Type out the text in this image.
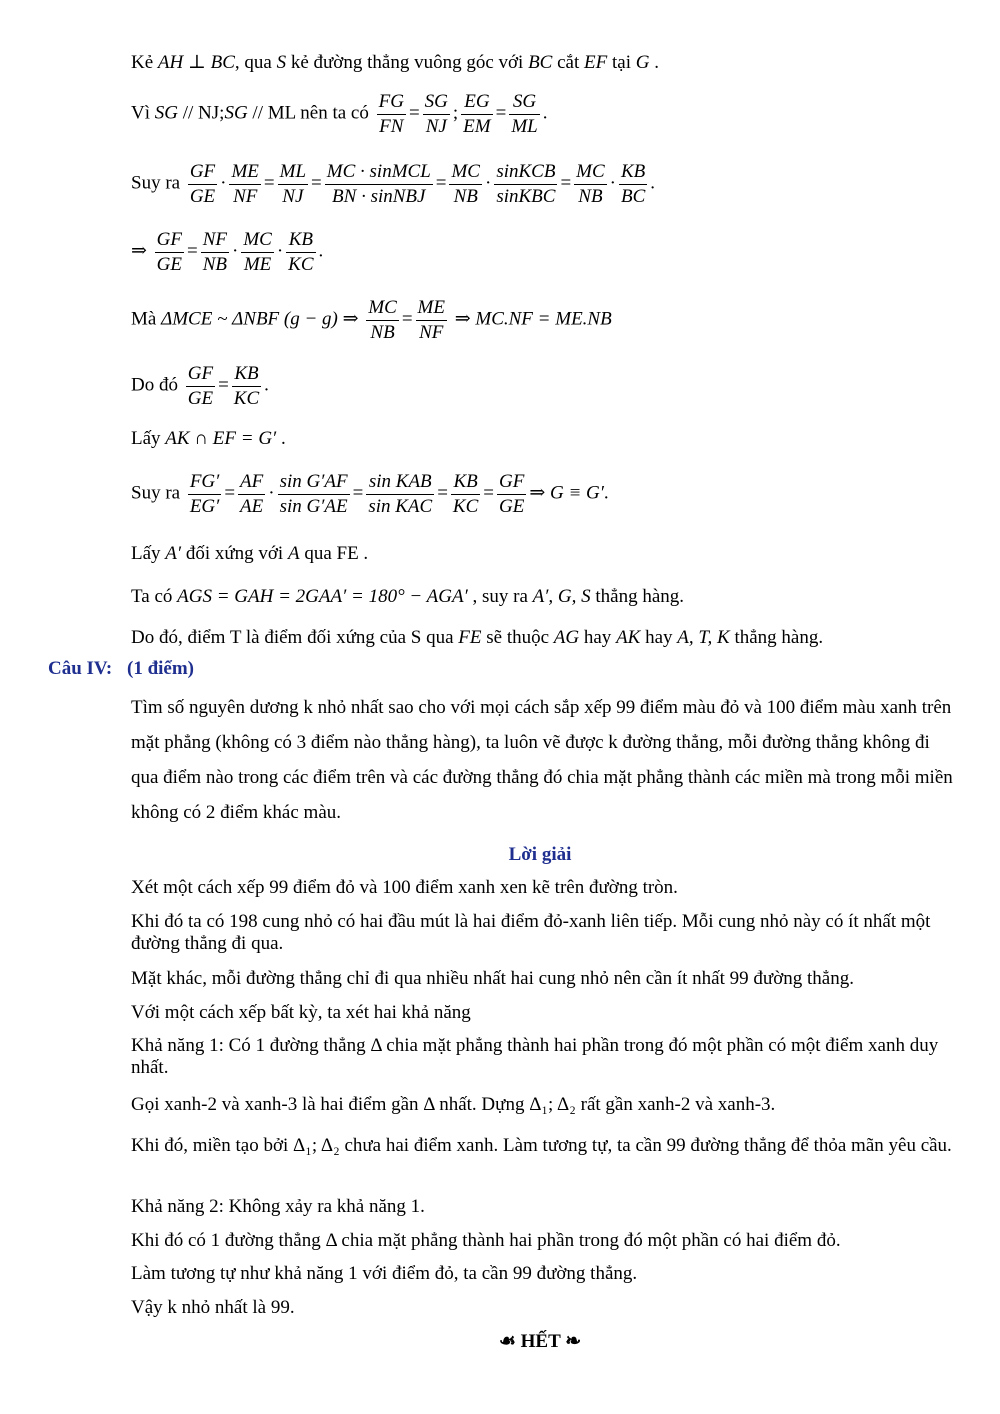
Kẻ AH ⊥ BC, qua S kẻ đường thẳng vuông góc với BC cắt EF tại G .
Vì SG // NJ;SG // ML nên ta có $\frac{FG}{FN} = \frac{SG}{NJ}$ ; $\frac{EG}{EM} = \frac{SG}{ML}$ .
Suy ra $\frac{GF}{GE} \cdot \frac{ME}{NF} = \frac{ML}{NJ} = \frac{\text{MC · sinMCL}}{\text{BN · sinNBJ}} = \frac{MC}{NB} \cdot \frac{\text{sinKCB}}{\text{sinKBC}} = \frac{MC}{NB} \cdot \frac{KB}{BC}$ .
⇒ $\frac{GF}{GE} = \frac{NF}{NB} \cdot \frac{MC}{ME} \cdot \frac{KB}{KC}$ .
Mà ΔMCE ~ ΔNBF (g − g) ⇒ $\frac{MC}{NB} = \frac{ME}{NF}$ ⇒ MC.NF = ME.NB
Do đó $\frac{GF}{GE} = \frac{KB}{KC}$ .
Lấy AK ∩ EF = G′ .
Suy ra $\frac{FG'}{EG'} = \frac{AF}{AE} \cdot \frac{\text{sin G′AF}}{\text{sin G′AE}} = \frac{\text{sin KAB}}{\text{sin KAC}} = \frac{KB}{KC} = \frac{GF}{GE}$ ⇒ G ≡ G′.
Lấy A′ đối xứng với A qua FE .
Ta có AGS = GAH = 2GAA′ = 180° − AGA′ , suy ra A′, G, S thẳng hàng.
Do đó, điểm T là điểm đối xứng của S qua FE sẽ thuộc AG hay AK hay A, T, K thẳng hàng.
Câu IV: (1 điểm)
Tìm số nguyên dương k nhỏ nhất sao cho với mọi cách sắp xếp 99 điểm màu đỏ và 100 điểm màu xanh trên mặt phẳng (không có 3 điểm nào thẳng hàng), ta luôn vẽ được k đường thẳng, mỗi đường thẳng không đi qua điểm nào trong các điểm trên và các đường thẳng đó chia mặt phẳng thành các miền mà trong mỗi miền không có 2 điểm khác màu.
Lời giải
Xét một cách xếp 99 điểm đỏ và 100 điểm xanh xen kẽ trên đường tròn.
Khi đó ta có 198 cung nhỏ có hai đầu mút là hai điểm đỏ-xanh liên tiếp. Mỗi cung nhỏ này có ít nhất một đường thẳng đi qua.
Mặt khác, mỗi đường thẳng chỉ đi qua nhiều nhất hai cung nhỏ nên cần ít nhất 99 đường thẳng.
Với một cách xếp bất kỳ, ta xét hai khả năng
Khả năng 1: Có 1 đường thẳng Δ chia mặt phẳng thành hai phần trong đó một phần có một điểm xanh duy nhất.
Gọi xanh-2 và xanh-3 là hai điểm gần Δ nhất. Dựng Δ₁; Δ₂ rất gần xanh-2 và xanh-3.
Khi đó, miền tạo bởi Δ₁; Δ₂ chưa hai điểm xanh. Làm tương tự, ta cần 99 đường thẳng để thỏa mãn yêu cầu.
Khả năng 2: Không xảy ra khả năng 1.
Khi đó có 1 đường thẳng Δ chia mặt phẳng thành hai phần trong đó một phần có hai điểm đỏ.
Làm tương tự như khả năng 1 với điểm đỏ, ta cần 99 đường thẳng.
Vậy k nhỏ nhất là 99.
☙ HẾT ❧
